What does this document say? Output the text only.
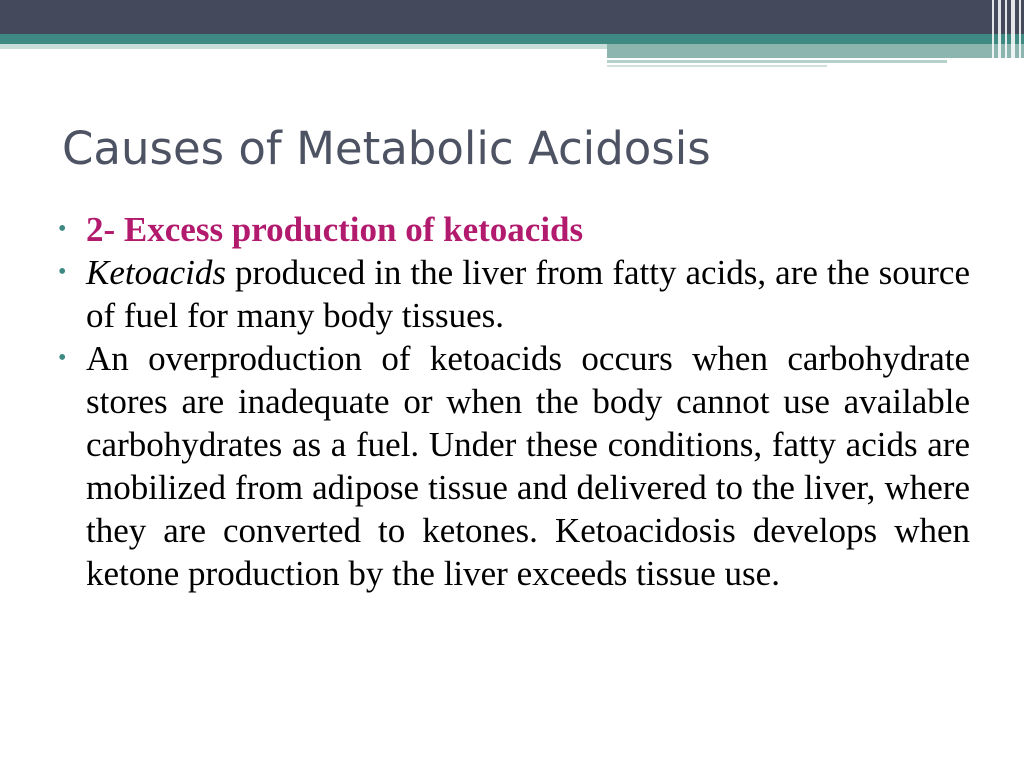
Causes of Metabolic Acidosis
• 2- Excess production of ketoacids
• Ketoacids produced in the liver from fatty acids, are the source of fuel for many body tissues.
• An overproduction of ketoacids occurs when carbohydrate stores are inadequate or when the body cannot use available carbohydrates as a fuel. Under these conditions, fatty acids are mobilized from adipose tissue and delivered to the liver, where they are converted to ketones. Ketoacidosis develops when ketone production by the liver exceeds tissue use.
